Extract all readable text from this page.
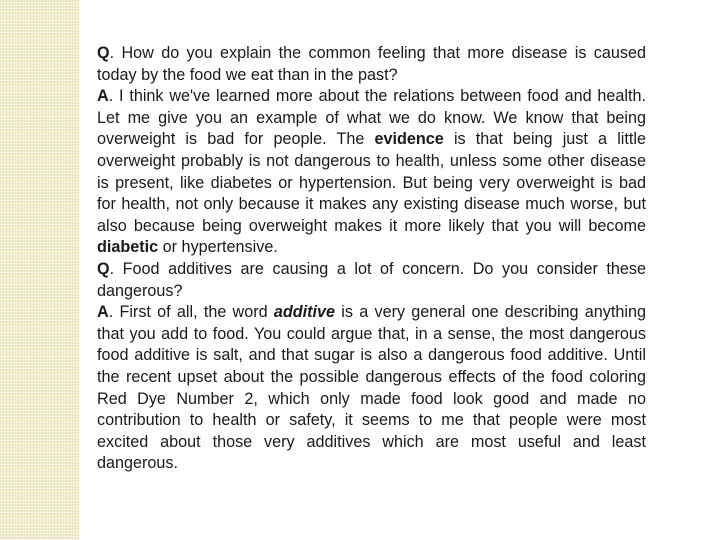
Q. How do you explain the common feeling that more disease is caused today by the food we eat than in the past?
A. I think we've learned more about the relations between food and health. Let me give you an example of what we do know. We know that being overweight is bad for people. The evidence is that being just a little overweight probably is not dangerous to health, unless some other disease is present, like diabetes or hypertension. But being very overweight is bad for health, not only because it makes any existing disease much worse, but also because being overweight makes it more likely that you will become diabetic or hypertensive.
Q. Food additives are causing a lot of concern. Do you consider these dangerous?
A. First of all, the word additive is a very general one describing anything that you add to food. You could argue that, in a sense, the most dangerous food additive is salt, and that sugar is also a dangerous food additive. Until the recent upset about the possible dangerous effects of the food coloring Red Dye Number 2, which only made food look good and made no contribution to health or safety, it seems to me that people were most excited about those very additives which are most useful and least dangerous.
